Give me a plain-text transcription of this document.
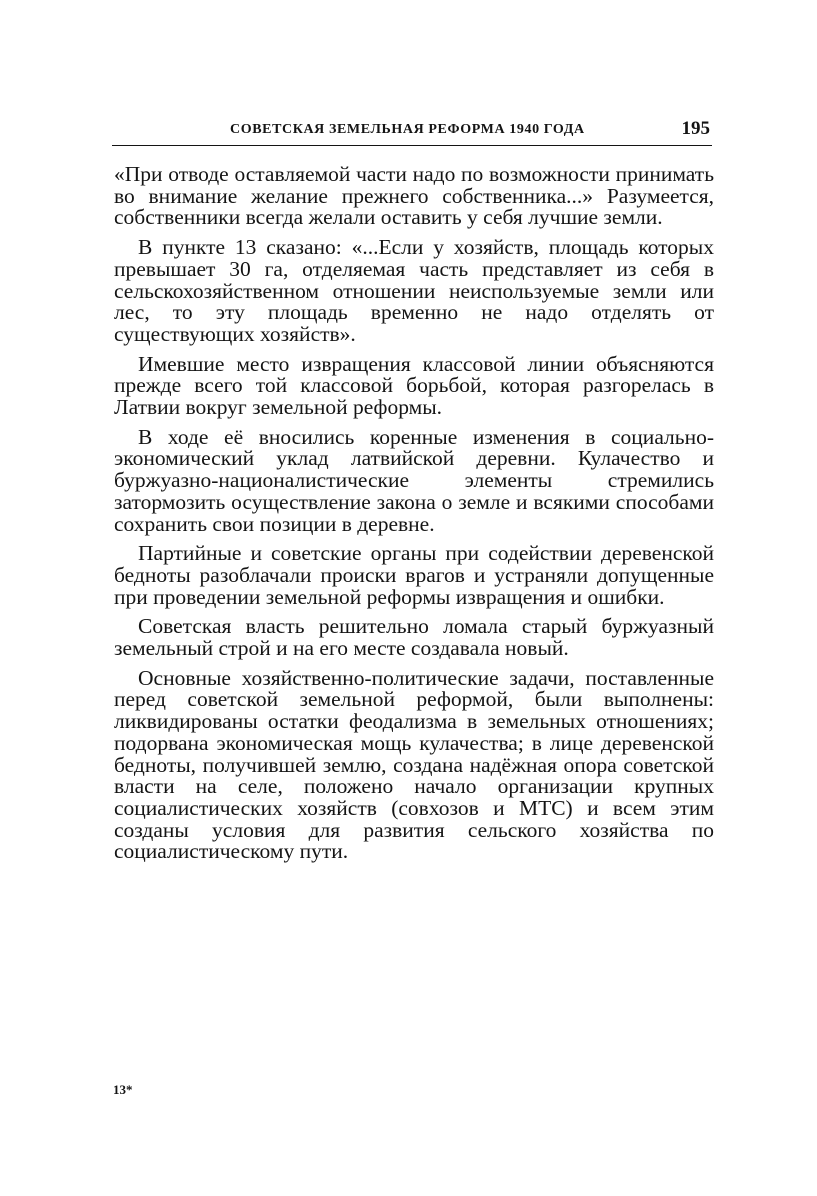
СОВЕТСКАЯ ЗЕМЕЛЬНАЯ РЕФОРМА 1940 ГОДА	195

«При отводе оставляемой части надо по возможности принимать во внимание желание прежнего собственника...» Разумеется, собственники всегда желали оставить у себя лучшие земли.

В пункте 13 сказано: «...Если у хозяйств, площадь которых превышает 30 га, отделяемая часть представляет из себя в сельскохозяйственном отношении неиспользуемые земли или лес, то эту площадь временно не надо отделять от существующих хозяйств».

Имевшие место извращения классовой линии объясняются прежде всего той классовой борьбой, которая разгорелась в Латвии вокруг земельной реформы.

В ходе её вносились коренные изменения в социально-экономический уклад латвийской деревни. Кулачество и буржуазно-националистические элементы стремились затормозить осуществление закона о земле и всякими способами сохранить свои позиции в деревне.

Партийные и советские органы при содействии деревенской бедноты разоблачали происки врагов и устраняли допущенные при проведении земельной реформы извращения и ошибки.

Советская власть решительно ломала старый буржуазный земельный строй и на его месте создавала новый.

Основные хозяйственно-политические задачи, поставленные перед советской земельной реформой, были выполнены: ликвидированы остатки феодализма в земельных отношениях; подорвана экономическая мощь кулачества; в лице деревенской бедноты, получившей землю, создана надёжная опора советской власти на селе, положено начало организации крупных социалистических хозяйств (совхозов и МТС) и всем этим созданы условия для развития сельского хозяйства по социалистическому пути.

13*
